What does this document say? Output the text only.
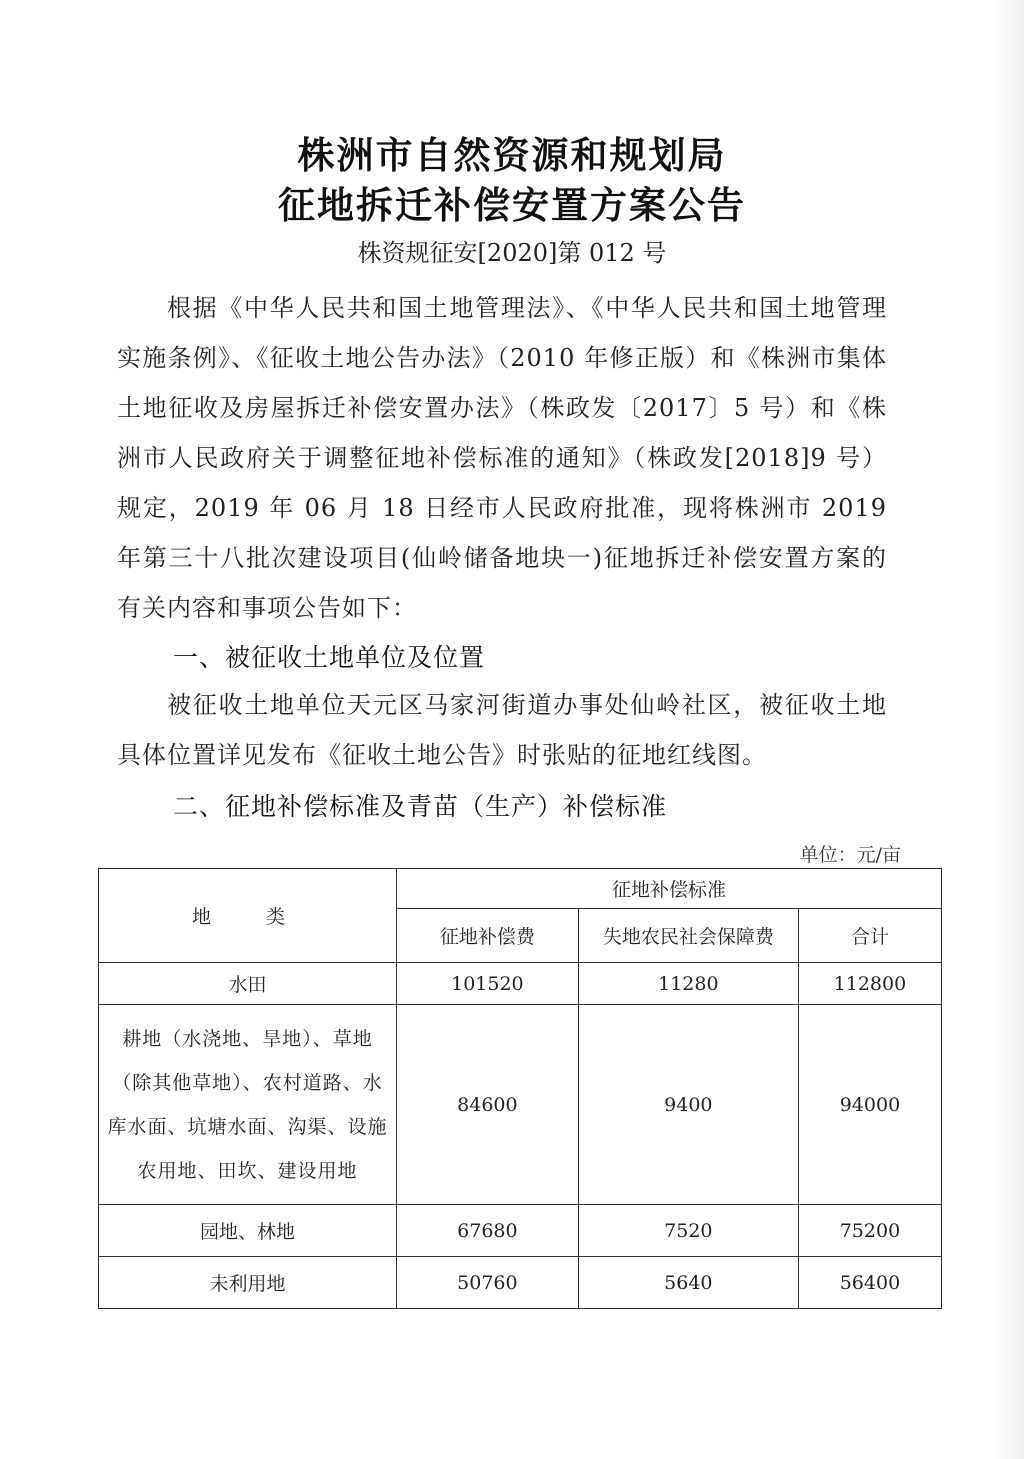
株洲市自然资源和规划局
征地拆迁补偿安置方案公告
株资规征安[2020]第 012 号

根据《中华人民共和国土地管理法》、《中华人民共和国土地管理实施条例》、《征收土地公告办法》（2010 年修正版）和《株洲市集体土地征收及房屋拆迁补偿安置办法》（株政发〔2017〕5 号）和《株洲市人民政府关于调整征地补偿标准的通知》（株政发[2018]9 号）规定，2019 年 06 月 18 日经市人民政府批准，现将株洲市 2019 年第三十八批次建设项目(仙岭储备地块一)征地拆迁补偿安置方案的有关内容和事项公告如下：

一、被征收土地单位及位置

被征收土地单位天元区马家河街道办事处仙岭社区，被征收土地具体位置详见发布《征收土地公告》时张贴的征地红线图。

二、征地补偿标准及青苗（生产）补偿标准
单位：元/亩
地　类	征地补偿标准		
	征地补偿费	失地农民社会保障费	合计
水田	101520	11280	112800
耕地（水浇地、旱地）、草地（除其他草地）、农村道路、水库水面、坑塘水面、沟渠、设施农用地、田坎、建设用地	84600	9400	94000
园地、林地	67680	7520	75200
未利用地	50760	5640	56400
